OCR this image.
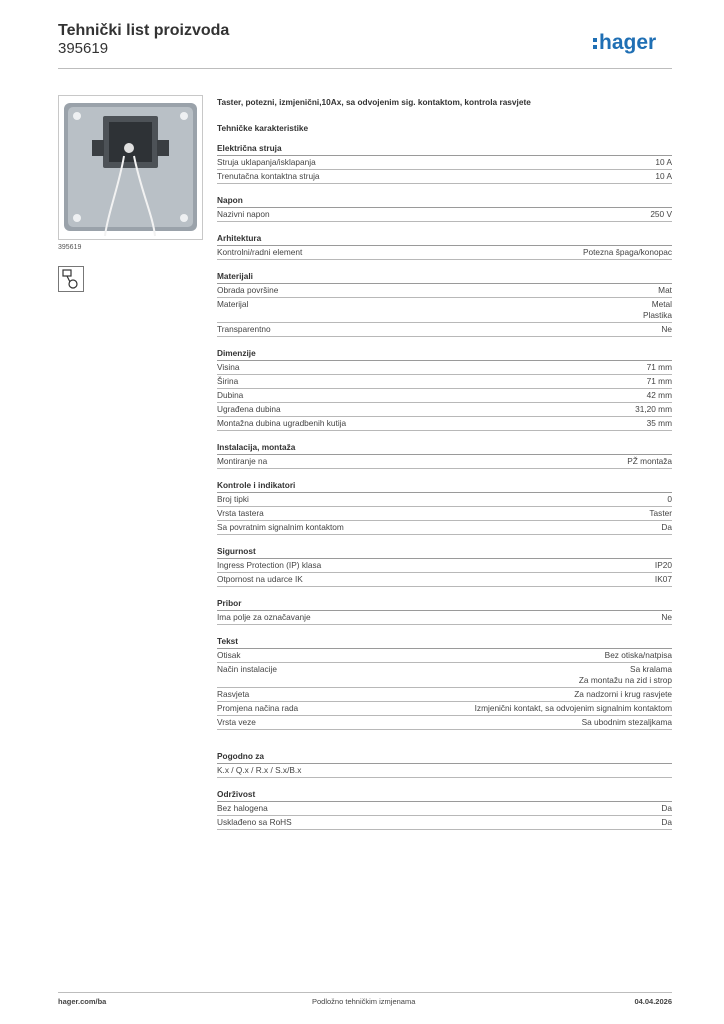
Tehnički list proizvoda
395619	hager
395619
Taster, potezni, izmjenični,10Ax, sa odvojenim sig. kontaktom, kontrola rasvjete
Tehničke karakteristike
Električna struja
Struja uklapanja/isklapanja	10 A
Trenutačna kontaktna struja	10 A
Napon
Nazivni napon	250 V
Arhitektura
Kontrolni/radni element	Potezna špaga/konopac
Materijali
Obrada površine	Mat
Materijal	Metal
Plastika
Transparentno	Ne
Dimenzije
Visina	71 mm
Širina	71 mm
Dubina	42 mm
Ugrađena dubina	31,20 mm
Montažna dubina ugradbenih kutija	35 mm
Instalacija, montaža
Montiranje na	PŽ montaža
Kontrole i indikatori
Broj tipki	0
Vrsta tastera	Taster
Sa povratnim signalnim kontaktom	Da
Sigurnost
Ingress Protection (IP) klasa	IP20
Otpornost na udarce IK	IK07
Pribor
Ima polje za označavanje	Ne
Tekst
Otisak	Bez otiska/natpisa
Način instalacije	Sa kralama
Za montažu na zid i strop
Rasvjeta	Za nadzorni i krug rasvjete
Promjena načina rada	Izmjenični kontakt, sa odvojenim signalnim kontaktom
Vrsta veze	Sa ubodnim stezaljkama
Pogodno za
K.x / Q.x / R.x / S.x/B.x
Održivost
Bez halogena	Da
Usklađeno sa RoHS	Da
hager.com/ba	Podložno tehničkim izmjenama	04.04.2026
